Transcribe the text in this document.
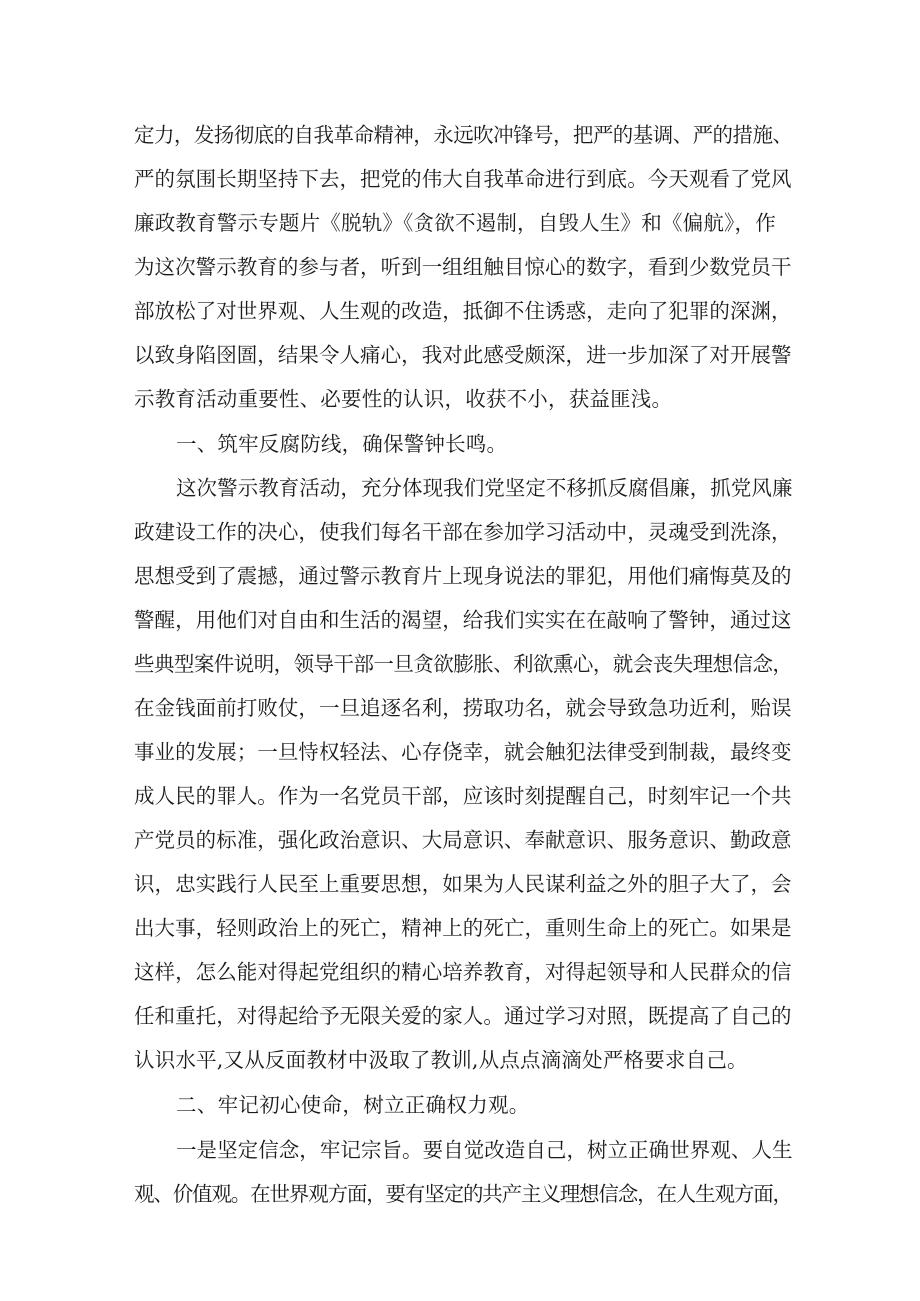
定力，发扬彻底的自我革命精神，永远吹冲锋号，把严的基调、严的措施、
严的氛围长期坚持下去，把党的伟大自我革命进行到底。今天观看了党风
廉政教育警示专题片《脱轨》《贪欲不遏制，自毁人生》和《偏航》，作
为这次警示教育的参与者，听到一组组触目惊心的数字，看到少数党员干
部放松了对世界观、人生观的改造，抵御不住诱惑，走向了犯罪的深渊，
以致身陷囹圄，结果令人痛心，我对此感受颇深，进一步加深了对开展警
示教育活动重要性、必要性的认识，收获不小，获益匪浅。
一、筑牢反腐防线，确保警钟长鸣。
这次警示教育活动，充分体现我们党坚定不移抓反腐倡廉，抓党风廉
政建设工作的决心，使我们每名干部在参加学习活动中，灵魂受到洗涤，
思想受到了震撼，通过警示教育片上现身说法的罪犯，用他们痛悔莫及的
警醒，用他们对自由和生活的渴望，给我们实实在在敲响了警钟，通过这
些典型案件说明，领导干部一旦贪欲膨胀、利欲熏心，就会丧失理想信念，
在金钱面前打败仗，一旦追逐名利，捞取功名，就会导致急功近利，贻误
事业的发展；一旦恃权轻法、心存侥幸，就会触犯法律受到制裁，最终变
成人民的罪人。作为一名党员干部，应该时刻提醒自己，时刻牢记一个共
产党员的标准，强化政治意识、大局意识、奉献意识、服务意识、勤政意
识，忠实践行人民至上重要思想，如果为人民谋利益之外的胆子大了，会
出大事，轻则政治上的死亡，精神上的死亡，重则生命上的死亡。如果是
这样，怎么能对得起党组织的精心培养教育，对得起领导和人民群众的信
任和重托，对得起给予无限关爱的家人。通过学习对照，既提高了自己的
认识水平,又从反面教材中汲取了教训,从点点滴滴处严格要求自己。
二、牢记初心使命，树立正确权力观。
一是坚定信念，牢记宗旨。要自觉改造自己，树立正确世界观、人生
观、价值观。在世界观方面，要有坚定的共产主义理想信念，在人生观方面，
